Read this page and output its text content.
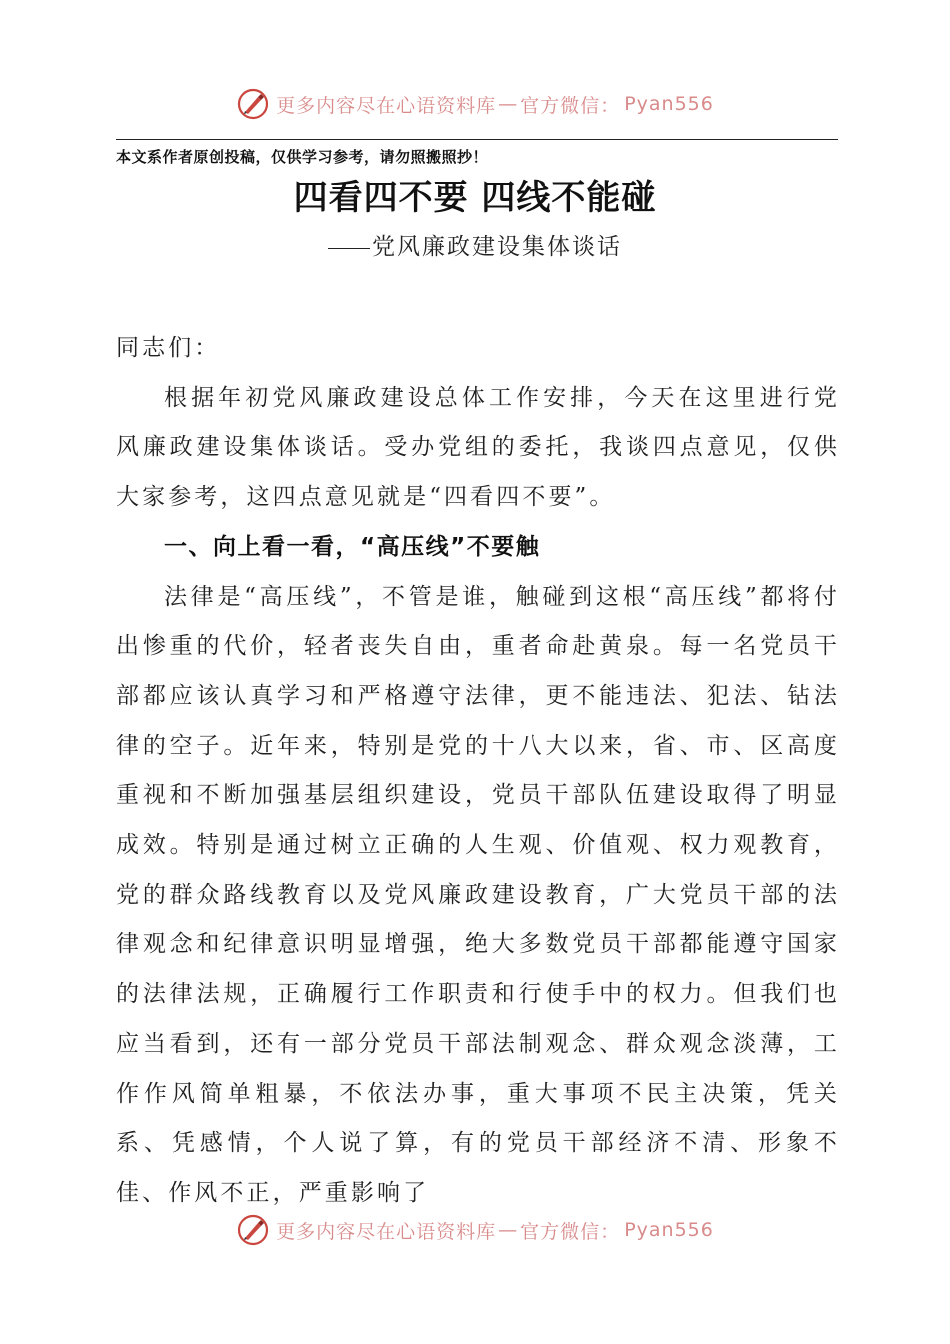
更多内容尽在心语资料库 — 官方微信： Pyan556
本文系作者原创投稿，仅供学习参考，请勿照搬照抄！
四看四不要 四线不能碰
党风廉政建设集体谈话

同志们：

根据年初党风廉政建设总体工作安排，今天在这里进行党风廉政建设集体谈话。受办党组的委托，我谈四点意见，仅供大家参考，这四点意见就是“四看四不要”。

一、向上看一看，“高压线”不要触

法律是“高压线”，不管是谁，触碰到这根“高压线”都将付出惨重的代价，轻者丧失自由，重者命赴黄泉。每一名党员干部都应该认真学习和严格遵守法律，更不能违法、犯法、钻法律的空子。近年来，特别是党的十八大以来，省、市、区高度重视和不断加强基层组织建设，党员干部队伍建设取得了明显成效。特别是通过树立正确的人生观、价值观、权力观教育，党的群众路线教育以及党风廉政建设教育，广大党员干部的法律观念和纪律意识明显增强，绝大多数党员干部都能遵守国家的法律法规，正确履行工作职责和行使手中的权力。但我们也应当看到，还有一部分党员干部法制观念、群众观念淡薄，工作作风简单粗暴，不依法办事，重大事项不民主决策，凭关系、凭感情，个人说了算，有的党员干部经济不清、形象不佳、作风不正，严重影响了

更多内容尽在心语资料库 — 官方微信： Pyan556
